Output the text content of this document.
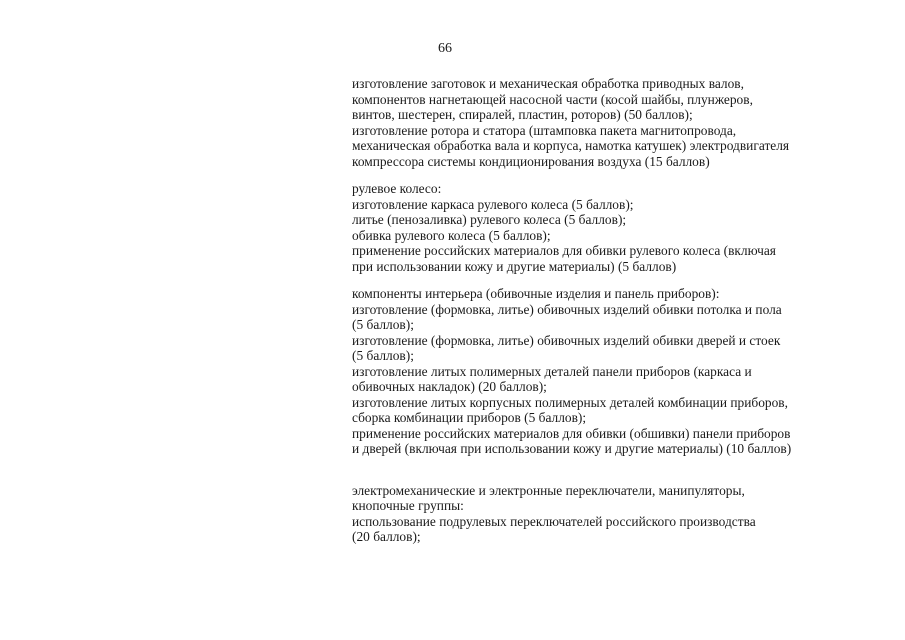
66
изготовление заготовок и механическая обработка приводных валов,
компонентов нагнетающей насосной части (косой шайбы, плунжеров,
винтов, шестерен, спиралей, пластин, роторов) (50 баллов);
изготовление ротора и статора (штамповка пакета магнитопровода,
механическая обработка вала и корпуса, намотка катушек) электродвигателя
компрессора системы кондиционирования воздуха (15 баллов)
рулевое колесо:
изготовление каркаса рулевого колеса (5 баллов);
литье (пенозаливка) рулевого колеса (5 баллов);
обивка рулевого колеса (5 баллов);
применение российских материалов для обивки рулевого колеса (включая
при использовании кожу и другие материалы) (5 баллов)
компоненты интерьера (обивочные изделия и панель приборов):
изготовление (формовка, литье) обивочных изделий обивки потолка и пола
(5 баллов);
изготовление (формовка, литье) обивочных изделий обивки дверей и стоек
(5 баллов);
изготовление литых полимерных деталей панели приборов (каркаса и
обивочных накладок) (20 баллов);
изготовление литых корпусных полимерных деталей комбинации приборов,
сборка комбинации приборов (5 баллов);
применение российских материалов для обивки (обшивки) панели приборов
и дверей (включая при использовании кожу и другие материалы) (10 баллов)
электромеханические и электронные переключатели, манипуляторы,
кнопочные группы:
использование подрулевых переключателей российского производства
(20 баллов);
